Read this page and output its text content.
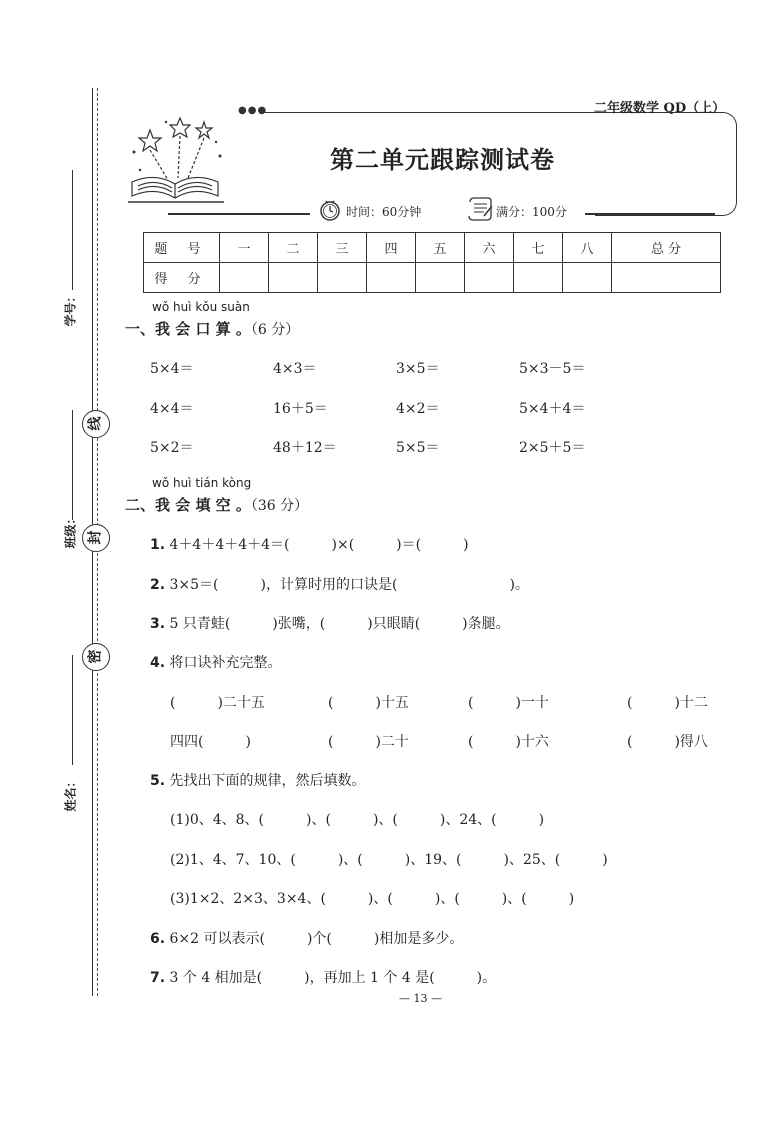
学号：
线
班级： 封
密
姓名：
●●●	二年级数学 QD（上）
第二单元跟踪测试卷
时间：60分钟	满分：100分
题 号	一	二	三	四	五	六	七	八	总 分
得 分									
wǒ huì kǒu suàn
一、我 会 口 算 。（6 分）
5×4＝	4×3＝	3×5＝	5×3－5＝
4×4＝	16＋5＝	4×2＝	5×4＋4＝
5×2＝	48＋12＝	5×5＝	2×5＋5＝
wǒ huì tián kòng
二、我 会 填 空 。（36 分）
1. 4＋4＋4＋4＋4＝(　　　)×(　　　)＝(　　　)
2. 3×5＝(　　　)，计算时用的口诀是(　　　　　　　　)。
3. 5 只青蛙(　　　)张嘴，(　　　)只眼睛(　　　)条腿。
4. 将口诀补充完整。
(　　　)二十五	(　　　)十五	(　　　)一十	(　　　)十二
四四(　　　)	(　　　)二十	(　　　)十六	(　　　)得八
5. 先找出下面的规律，然后填数。
(1)0、4、8、(　　　)、(　　　)、(　　　)、24、(　　　)
(2)1、4、7、10、(　　　)、(　　　)、19、(　　　)、25、(　　　)
(3)1×2、2×3、3×4、(　　　)、(　　　)、(　　　)、(　　　)
6. 6×2 可以表示(　　　)个(　　　)相加是多少。
7. 3 个 4 相加是(　　　)，再加上 1 个 4 是(　　　)。
— 13 —
